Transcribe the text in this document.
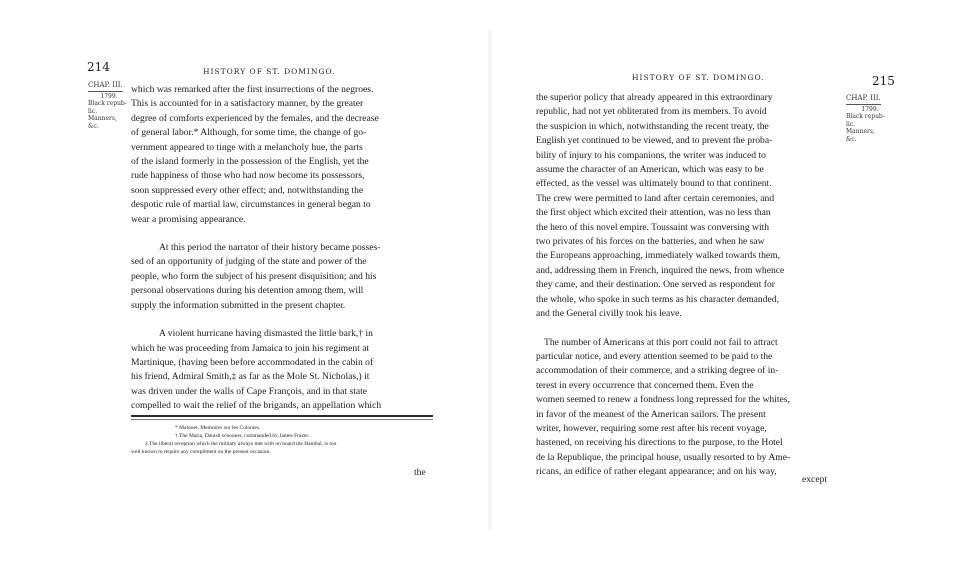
214	HISTORY OF ST. DOMINGO.
CHAP. III.
1799.
Black repub-
lic.
Manners,
&c.

which was remarked after the first insurrections of the negroes.
This is accounted for in a satisfactory manner, by the greater
degree of comforts experienced by the females, and the decrease
of general labor.* Although, for some time, the change of go-
vernment appeared to tinge with a melancholy hue, the parts
of the island formerly in the possession of the English, yet the
rude happiness of those who had now become its possessors,
soon suppressed every other effect; and, notwithstanding the
despotic rule of martial law, circumstances in general began to
wear a promising appearance.

At this period the narrator of their history became posses-
sed of an opportunity of judging of the state and power of the
people, who form the subject of his present disquisition; and his
personal observations during his detention among them, will
supply the information submitted in the present chapter.

A violent hurricane having dismasted the little bark,† in
which he was proceeding from Jamaica to join his regiment at
Martinique, (having been before accommodated in the cabin of
his friend, Admiral Smith,‡ as far as the Mole St. Nicholas,) it
was driven under the walls of Cape François, and in that state
compelled to wait the relief of the brigands, an appellation which

* Malouet, Memoires sur les Colonies.
† The Maria, Danish schooner, commanded by James Frazer.
‡ The liberal reception which the military always met with on board the Hanibal, is too
well known to require any compliment on the present occasion.
the
HISTORY OF ST. DOMINGO.	215
CHAP. III.
1799.
Black repub-
lic.
Manners,
&c.

the superior policy that already appeared in this extraordinary
republic, had not yet obliterated from its members. To avoid
the suspicion in which, notwithstanding the recent treaty, the
English yet continued to be viewed, and to prevent the proba-
bility of injury to his companions, the writer was induced to
assume the character of an American, which was easy to be
effected, as the vessel was ultimately bound to that continent.
The crew were permitted to land after certain ceremonies, and
the first object which excited their attention, was no less than
the hero of this novel empire. Toussaint was conversing with
two privates of his forces on the batteries, and when he saw
the Europeans approaching, immediately walked towards them,
and, addressing them in French, inquired the news, from whence
they came, and their destination. One served as respondent for
the whole, who spoke in such terms as his character demanded,
and the General civilly took his leave.

The number of Americans at this port could not fail to attract
particular notice, and every attention seemed to be paid to the
accommodation of their commerce, and a striking degree of in-
terest in every occurrence that concerned them. Even the
women seemed to renew a fondness long repressed for the whites,
in favor of the meanest of the American sailors. The present
writer, however, requiring some rest after his recent voyage,
hastened, on receiving his directions to the purpose, to the Hotel
de la Republique, the principal house, usually resorted to by Ame-
ricans, an edifice of rather elegant appearance; and on his way,

except
